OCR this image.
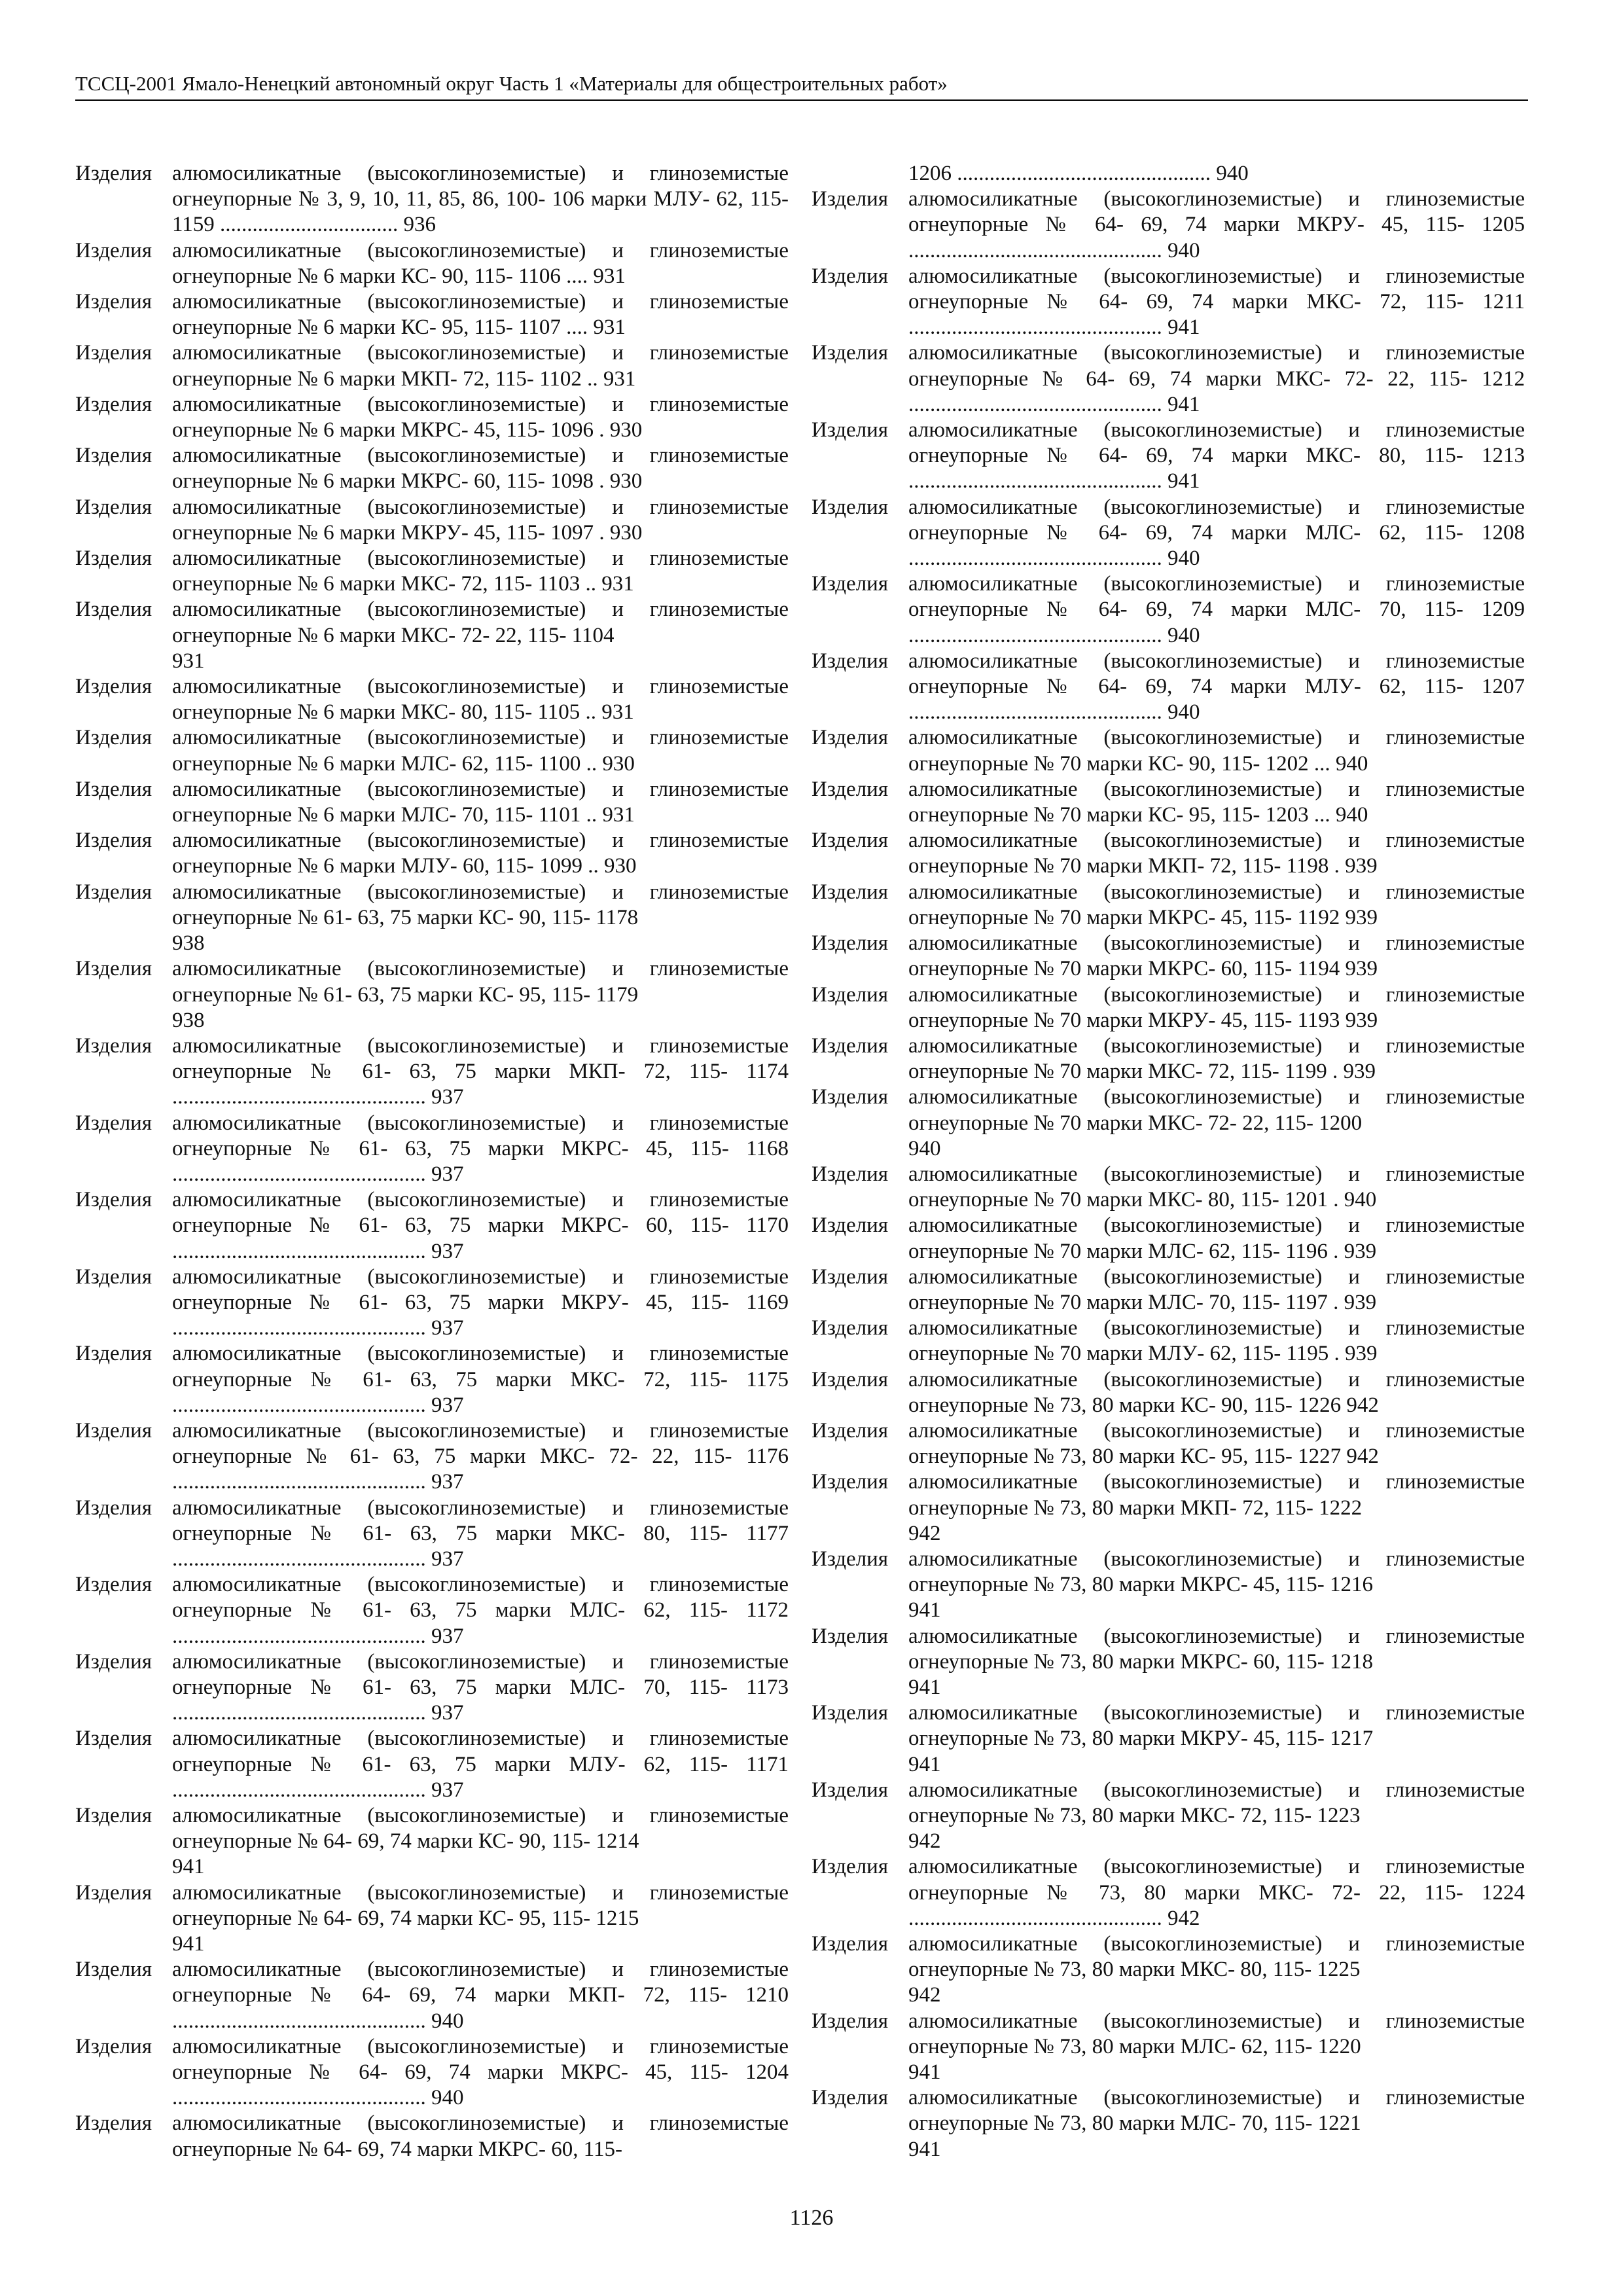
ТССЦ-2001 Ямало-Ненецкий автономный округ Часть 1 «Материалы для общестроительных работ»
Изделия алюмосиликатные (высокоглиноземистые) и глиноземистые огнеупорные № 3, 9, 10, 11, 85, 86, 100- 106 марки МЛУ- 62, 115- 1159 ................................. 936
Изделия алюмосиликатные (высокоглиноземистые) и глиноземистые огнеупорные № 6 марки КС- 90, 115- 1106 .... 931
Изделия алюмосиликатные (высокоглиноземистые) и глиноземистые огнеупорные № 6 марки КС- 95, 115- 1107 .... 931
Изделия алюмосиликатные (высокоглиноземистые) и глиноземистые огнеупорные № 6 марки МКП- 72, 115- 1102 .. 931
Изделия алюмосиликатные (высокоглиноземистые) и глиноземистые огнеупорные № 6 марки МКРС- 45, 115- 1096 . 930
Изделия алюмосиликатные (высокоглиноземистые) и глиноземистые огнеупорные № 6 марки МКРС- 60, 115- 1098 . 930
Изделия алюмосиликатные (высокоглиноземистые) и глиноземистые огнеупорные № 6 марки МКРУ- 45, 115- 1097 . 930
Изделия алюмосиликатные (высокоглиноземистые) и глиноземистые огнеупорные № 6 марки МКС- 72, 115- 1103 .. 931
Изделия алюмосиликатные (высокоглиноземистые) и глиноземистые огнеупорные № 6 марки МКС- 72- 22, 115- 1104
931
Изделия алюмосиликатные (высокоглиноземистые) и глиноземистые огнеупорные № 6 марки МКС- 80, 115- 1105 .. 931
Изделия алюмосиликатные (высокоглиноземистые) и глиноземистые огнеупорные № 6 марки МЛС- 62, 115- 1100 .. 930
Изделия алюмосиликатные (высокоглиноземистые) и глиноземистые огнеупорные № 6 марки МЛС- 70, 115- 1101 .. 931
Изделия алюмосиликатные (высокоглиноземистые) и глиноземистые огнеупорные № 6 марки МЛУ- 60, 115- 1099 .. 930
Изделия алюмосиликатные (высокоглиноземистые) и глиноземистые огнеупорные № 61- 63, 75 марки КС- 90, 115- 1178
938
Изделия алюмосиликатные (высокоглиноземистые) и глиноземистые огнеупорные № 61- 63, 75 марки КС- 95, 115- 1179
938
Изделия алюмосиликатные (высокоглиноземистые) и глиноземистые огнеупорные № 61- 63, 75 марки МКП- 72, 115- 1174 ............................................... 937
Изделия алюмосиликатные (высокоглиноземистые) и глиноземистые огнеупорные № 61- 63, 75 марки МКРС- 45, 115- 1168 ............................................... 937
Изделия алюмосиликатные (высокоглиноземистые) и глиноземистые огнеупорные № 61- 63, 75 марки МКРС- 60, 115- 1170 ............................................... 937
Изделия алюмосиликатные (высокоглиноземистые) и глиноземистые огнеупорные № 61- 63, 75 марки МКРУ- 45, 115- 1169 ............................................... 937
Изделия алюмосиликатные (высокоглиноземистые) и глиноземистые огнеупорные № 61- 63, 75 марки МКС- 72, 115- 1175 ............................................... 937
Изделия алюмосиликатные (высокоглиноземистые) и глиноземистые огнеупорные № 61- 63, 75 марки МКС- 72- 22, 115- 1176 ............................................... 937
Изделия алюмосиликатные (высокоглиноземистые) и глиноземистые огнеупорные № 61- 63, 75 марки МКС- 80, 115- 1177 ............................................... 937
Изделия алюмосиликатные (высокоглиноземистые) и глиноземистые огнеупорные № 61- 63, 75 марки МЛС- 62, 115- 1172 ............................................... 937
Изделия алюмосиликатные (высокоглиноземистые) и глиноземистые огнеупорные № 61- 63, 75 марки МЛС- 70, 115- 1173 ............................................... 937
Изделия алюмосиликатные (высокоглиноземистые) и глиноземистые огнеупорные № 61- 63, 75 марки МЛУ- 62, 115- 1171 ............................................... 937
Изделия алюмосиликатные (высокоглиноземистые) и глиноземистые огнеупорные № 64- 69, 74 марки КС- 90, 115- 1214
941
Изделия алюмосиликатные (высокоглиноземистые) и глиноземистые огнеупорные № 64- 69, 74 марки КС- 95, 115- 1215
941
Изделия алюмосиликатные (высокоглиноземистые) и глиноземистые огнеупорные № 64- 69, 74 марки МКП- 72, 115- 1210 ............................................... 940
Изделия алюмосиликатные (высокоглиноземистые) и глиноземистые огнеупорные № 64- 69, 74 марки МКРС- 45, 115- 1204 ............................................... 940
Изделия алюмосиликатные (высокоглиноземистые) и глиноземистые огнеупорные № 64- 69, 74 марки МКРС- 60, 115-
1206 ............................................... 940
Изделия алюмосиликатные (высокоглиноземистые) и глиноземистые огнеупорные № 64- 69, 74 марки МКРУ- 45, 115- 1205 ............................................... 940
Изделия алюмосиликатные (высокоглиноземистые) и глиноземистые огнеупорные № 64- 69, 74 марки МКС- 72, 115- 1211 ............................................... 941
Изделия алюмосиликатные (высокоглиноземистые) и глиноземистые огнеупорные № 64- 69, 74 марки МКС- 72- 22, 115- 1212 ............................................... 941
Изделия алюмосиликатные (высокоглиноземистые) и глиноземистые огнеупорные № 64- 69, 74 марки МКС- 80, 115- 1213 ............................................... 941
Изделия алюмосиликатные (высокоглиноземистые) и глиноземистые огнеупорные № 64- 69, 74 марки МЛС- 62, 115- 1208 ............................................... 940
Изделия алюмосиликатные (высокоглиноземистые) и глиноземистые огнеупорные № 64- 69, 74 марки МЛС- 70, 115- 1209 ............................................... 940
Изделия алюмосиликатные (высокоглиноземистые) и глиноземистые огнеупорные № 64- 69, 74 марки МЛУ- 62, 115- 1207 ............................................... 940
Изделия алюмосиликатные (высокоглиноземистые) и глиноземистые огнеупорные № 70 марки КС- 90, 115- 1202 ... 940
Изделия алюмосиликатные (высокоглиноземистые) и глиноземистые огнеупорные № 70 марки КС- 95, 115- 1203 ... 940
Изделия алюмосиликатные (высокоглиноземистые) и глиноземистые огнеупорные № 70 марки МКП- 72, 115- 1198 . 939
Изделия алюмосиликатные (высокоглиноземистые) и глиноземистые огнеупорные № 70 марки МКРС- 45, 115- 1192 939
Изделия алюмосиликатные (высокоглиноземистые) и глиноземистые огнеупорные № 70 марки МКРС- 60, 115- 1194 939
Изделия алюмосиликатные (высокоглиноземистые) и глиноземистые огнеупорные № 70 марки МКРУ- 45, 115- 1193 939
Изделия алюмосиликатные (высокоглиноземистые) и глиноземистые огнеупорные № 70 марки МКС- 72, 115- 1199 . 939
Изделия алюмосиликатные (высокоглиноземистые) и глиноземистые огнеупорные № 70 марки МКС- 72- 22, 115- 1200
940
Изделия алюмосиликатные (высокоглиноземистые) и глиноземистые огнеупорные № 70 марки МКС- 80, 115- 1201 . 940
Изделия алюмосиликатные (высокоглиноземистые) и глиноземистые огнеупорные № 70 марки МЛС- 62, 115- 1196 . 939
Изделия алюмосиликатные (высокоглиноземистые) и глиноземистые огнеупорные № 70 марки МЛС- 70, 115- 1197 . 939
Изделия алюмосиликатные (высокоглиноземистые) и глиноземистые огнеупорные № 70 марки МЛУ- 62, 115- 1195 . 939
Изделия алюмосиликатные (высокоглиноземистые) и глиноземистые огнеупорные № 73, 80 марки КС- 90, 115- 1226 942
Изделия алюмосиликатные (высокоглиноземистые) и глиноземистые огнеупорные № 73, 80 марки КС- 95, 115- 1227 942
Изделия алюмосиликатные (высокоглиноземистые) и глиноземистые огнеупорные № 73, 80 марки МКП- 72, 115- 1222
942
Изделия алюмосиликатные (высокоглиноземистые) и глиноземистые огнеупорные № 73, 80 марки МКРС- 45, 115- 1216
941
Изделия алюмосиликатные (высокоглиноземистые) и глиноземистые огнеупорные № 73, 80 марки МКРС- 60, 115- 1218
941
Изделия алюмосиликатные (высокоглиноземистые) и глиноземистые огнеупорные № 73, 80 марки МКРУ- 45, 115- 1217
941
Изделия алюмосиликатные (высокоглиноземистые) и глиноземистые огнеупорные № 73, 80 марки МКС- 72, 115- 1223
942
Изделия алюмосиликатные (высокоглиноземистые) и глиноземистые огнеупорные № 73, 80 марки МКС- 72- 22, 115- 1224 ............................................... 942
Изделия алюмосиликатные (высокоглиноземистые) и глиноземистые огнеупорные № 73, 80 марки МКС- 80, 115- 1225
942
Изделия алюмосиликатные (высокоглиноземистые) и глиноземистые огнеупорные № 73, 80 марки МЛС- 62, 115- 1220
941
Изделия алюмосиликатные (высокоглиноземистые) и глиноземистые огнеупорные № 73, 80 марки МЛС- 70, 115- 1221
941
1126
